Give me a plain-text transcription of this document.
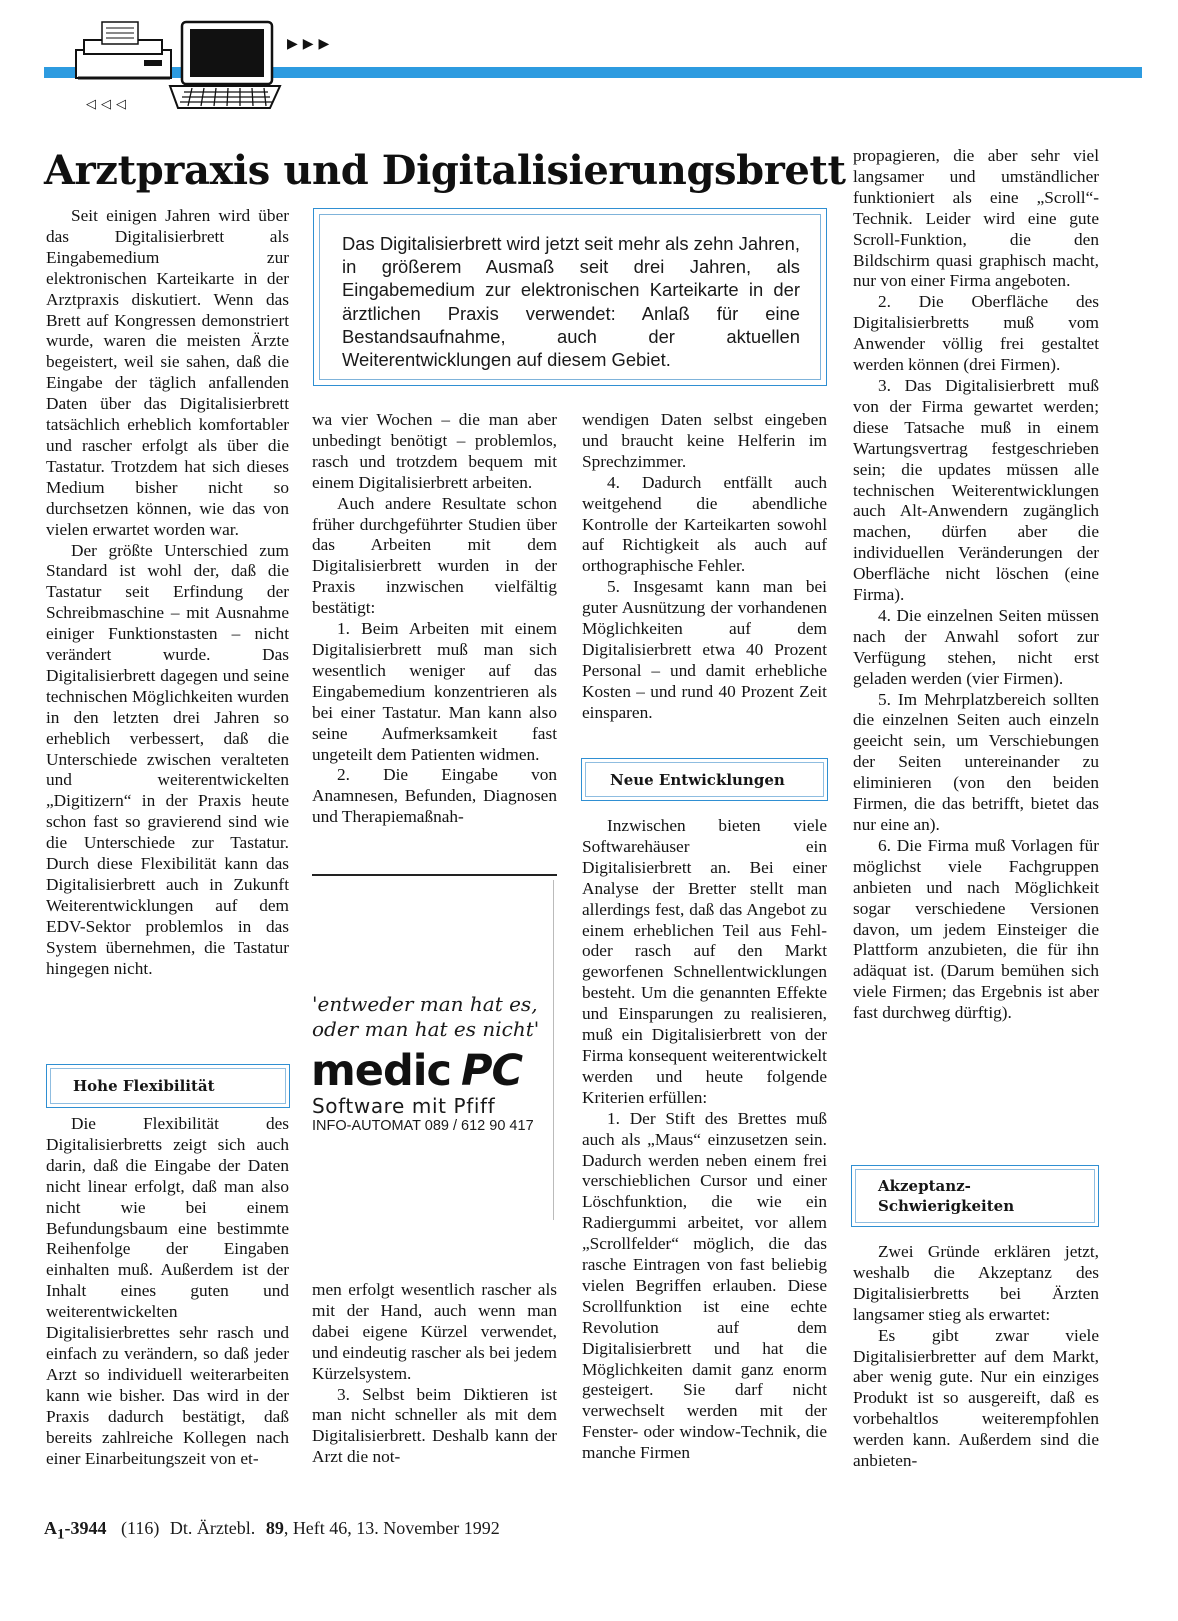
▶▶▶
◁◁◁
Arztpraxis und Digitalisierungsbrett

Seit einigen Jahren wird über das Digitalisierbrett als Eingabemedium zur elektronischen Karteikarte in der Arztpraxis diskutiert. Wenn das Brett auf Kongressen demonstriert wurde, waren die meisten Ärzte begeistert, weil sie sahen, daß die Eingabe der täglich anfallenden Daten über das Digitalisierbrett tatsächlich erheblich komfortabler und rascher erfolgt als über die Tastatur. Trotzdem hat sich dieses Medium bisher nicht so durchsetzen können, wie das von vielen erwartet worden war.

Der größte Unterschied zum Standard ist wohl der, daß die Tastatur seit Erfindung der Schreibmaschine – mit Ausnahme einiger Funktionstasten – nicht verändert wurde. Das Digitalisierbrett dagegen und seine technischen Möglichkeiten wurden in den letzten drei Jahren so erheblich verbessert, daß die Unterschiede zwischen veralteten und weiterentwickelten „Digitizern“ in der Praxis heute schon fast so gravierend sind wie die Unterschiede zur Tastatur. Durch diese Flexibilität kann das Digitalisierbrett auch in Zukunft Weiterentwicklungen auf dem EDV-Sektor problemlos in das System übernehmen, die Tastatur hingegen nicht.

Hohe Flexibilität

Die Flexibilität des Digitalisierbretts zeigt sich auch darin, daß die Eingabe der Daten nicht linear erfolgt, daß man also nicht wie bei einem Befundungsbaum eine bestimmte Reihenfolge der Eingaben einhalten muß. Außerdem ist der Inhalt eines guten und weiterentwickelten Digitalisierbrettes sehr rasch und einfach zu verändern, so daß jeder Arzt so individuell weiterarbeiten kann wie bisher. Das wird in der Praxis dadurch bestätigt, daß bereits zahlreiche Kollegen nach einer Einarbeitungszeit von et-

Das Digitalisierbrett wird jetzt seit mehr als zehn Jahren, in größerem Ausmaß seit drei Jahren, als Eingabemedium zur elektronischen Karteikarte in der ärztlichen Praxis verwendet: Anlaß für eine Bestandsaufnahme, auch der aktuellen Weiterentwicklungen auf diesem Gebiet.

wa vier Wochen – die man aber unbedingt benötigt – problemlos, rasch und trotzdem bequem mit einem Digitalisierbrett arbeiten.

Auch andere Resultate schon früher durchgeführter Studien über das Arbeiten mit dem Digitalisierbrett wurden in der Praxis inzwischen vielfältig bestätigt:

1. Beim Arbeiten mit einem Digitalisierbrett muß man sich wesentlich weniger auf das Eingabemedium konzentrieren als bei einer Tastatur. Man kann also seine Aufmerksamkeit fast ungeteilt dem Patienten widmen.

2. Die Eingabe von Anamnesen, Befunden, Diagnosen und Therapiemaßnah-

'entweder man hat es,
oder man hat es nicht'

medic PC
Software mit Pfiff
INFO-AUTOMAT 089 / 612 90 417

men erfolgt wesentlich rascher als mit der Hand, auch wenn man dabei eigene Kürzel verwendet, und eindeutig rascher als bei jedem Kürzelsystem.

3. Selbst beim Diktieren ist man nicht schneller als mit dem Digitalisierbrett. Deshalb kann der Arzt die not-

wendigen Daten selbst eingeben und braucht keine Helferin im Sprechzimmer.

4. Dadurch entfällt auch weitgehend die abendliche Kontrolle der Karteikarten sowohl auf Richtigkeit als auch auf orthographische Fehler.

5. Insgesamt kann man bei guter Ausnützung der vorhandenen Möglichkeiten auf dem Digitalisierbrett etwa 40 Prozent Personal – und damit erhebliche Kosten – und rund 40 Prozent Zeit einsparen.

Neue Entwicklungen

Inzwischen bieten viele Softwarehäuser ein Digitalisierbrett an. Bei einer Analyse der Bretter stellt man allerdings fest, daß das Angebot zu einem erheblichen Teil aus Fehl- oder rasch auf den Markt geworfenen Schnellentwicklungen besteht. Um die genannten Effekte und Einsparungen zu realisieren, muß ein Digitalisierbrett von der Firma konsequent weiterentwickelt werden und heute folgende Kriterien erfüllen:

1. Der Stift des Brettes muß auch als „Maus“ einzusetzen sein. Dadurch werden neben einem frei verschieblichen Cursor und einer Löschfunktion, die wie ein Radiergummi arbeitet, vor allem „Scrollfelder“ möglich, die das rasche Eintragen von fast beliebig vielen Begriffen erlauben. Diese Scrollfunktion ist eine echte Revolution auf dem Digitalisierbrett und hat die Möglichkeiten damit ganz enorm gesteigert. Sie darf nicht verwechselt werden mit der Fenster- oder window-Technik, die manche Firmen

propagieren, die aber sehr viel langsamer und umständlicher funktioniert als eine „Scroll“-Technik. Leider wird eine gute Scroll-Funktion, die den Bildschirm quasi graphisch macht, nur von einer Firma angeboten.

2. Die Oberfläche des Digitalisierbretts muß vom Anwender völlig frei gestaltet werden können (drei Firmen).

3. Das Digitalisierbrett muß von der Firma gewartet werden; diese Tatsache muß in einem Wartungsvertrag festgeschrieben sein; die updates müssen alle technischen Weiterentwicklungen auch Alt-Anwendern zugänglich machen, dürfen aber die individuellen Veränderungen der Oberfläche nicht löschen (eine Firma).

4. Die einzelnen Seiten müssen nach der Anwahl sofort zur Verfügung stehen, nicht erst geladen werden (vier Firmen).

5. Im Mehrplatzbereich sollten die einzelnen Seiten auch einzeln geeicht sein, um Verschiebungen der Seiten untereinander zu eliminieren (von den beiden Firmen, die das betrifft, bietet das nur eine an).

6. Die Firma muß Vorlagen für möglichst viele Fachgruppen anbieten und nach Möglichkeit sogar verschiedene Versionen davon, um jedem Einsteiger die Plattform anzubieten, die für ihn adäquat ist. (Darum bemühen sich viele Firmen; das Ergebnis ist aber fast durchweg dürftig).

Akzeptanz-
Schwierigkeiten

Zwei Gründe erklären jetzt, weshalb die Akzeptanz des Digitalisierbretts bei Ärzten langsamer stieg als erwartet:

Es gibt zwar viele Digitalisierbretter auf dem Markt, aber wenig gute. Nur ein einziges Produkt ist so ausgereift, daß es vorbehaltlos weiterempfohlen werden kann. Außerdem sind die anbieten-

$A_1-3944$ (116) Dt. Ärztebl. 89, Heft 46, 13. November 1992
